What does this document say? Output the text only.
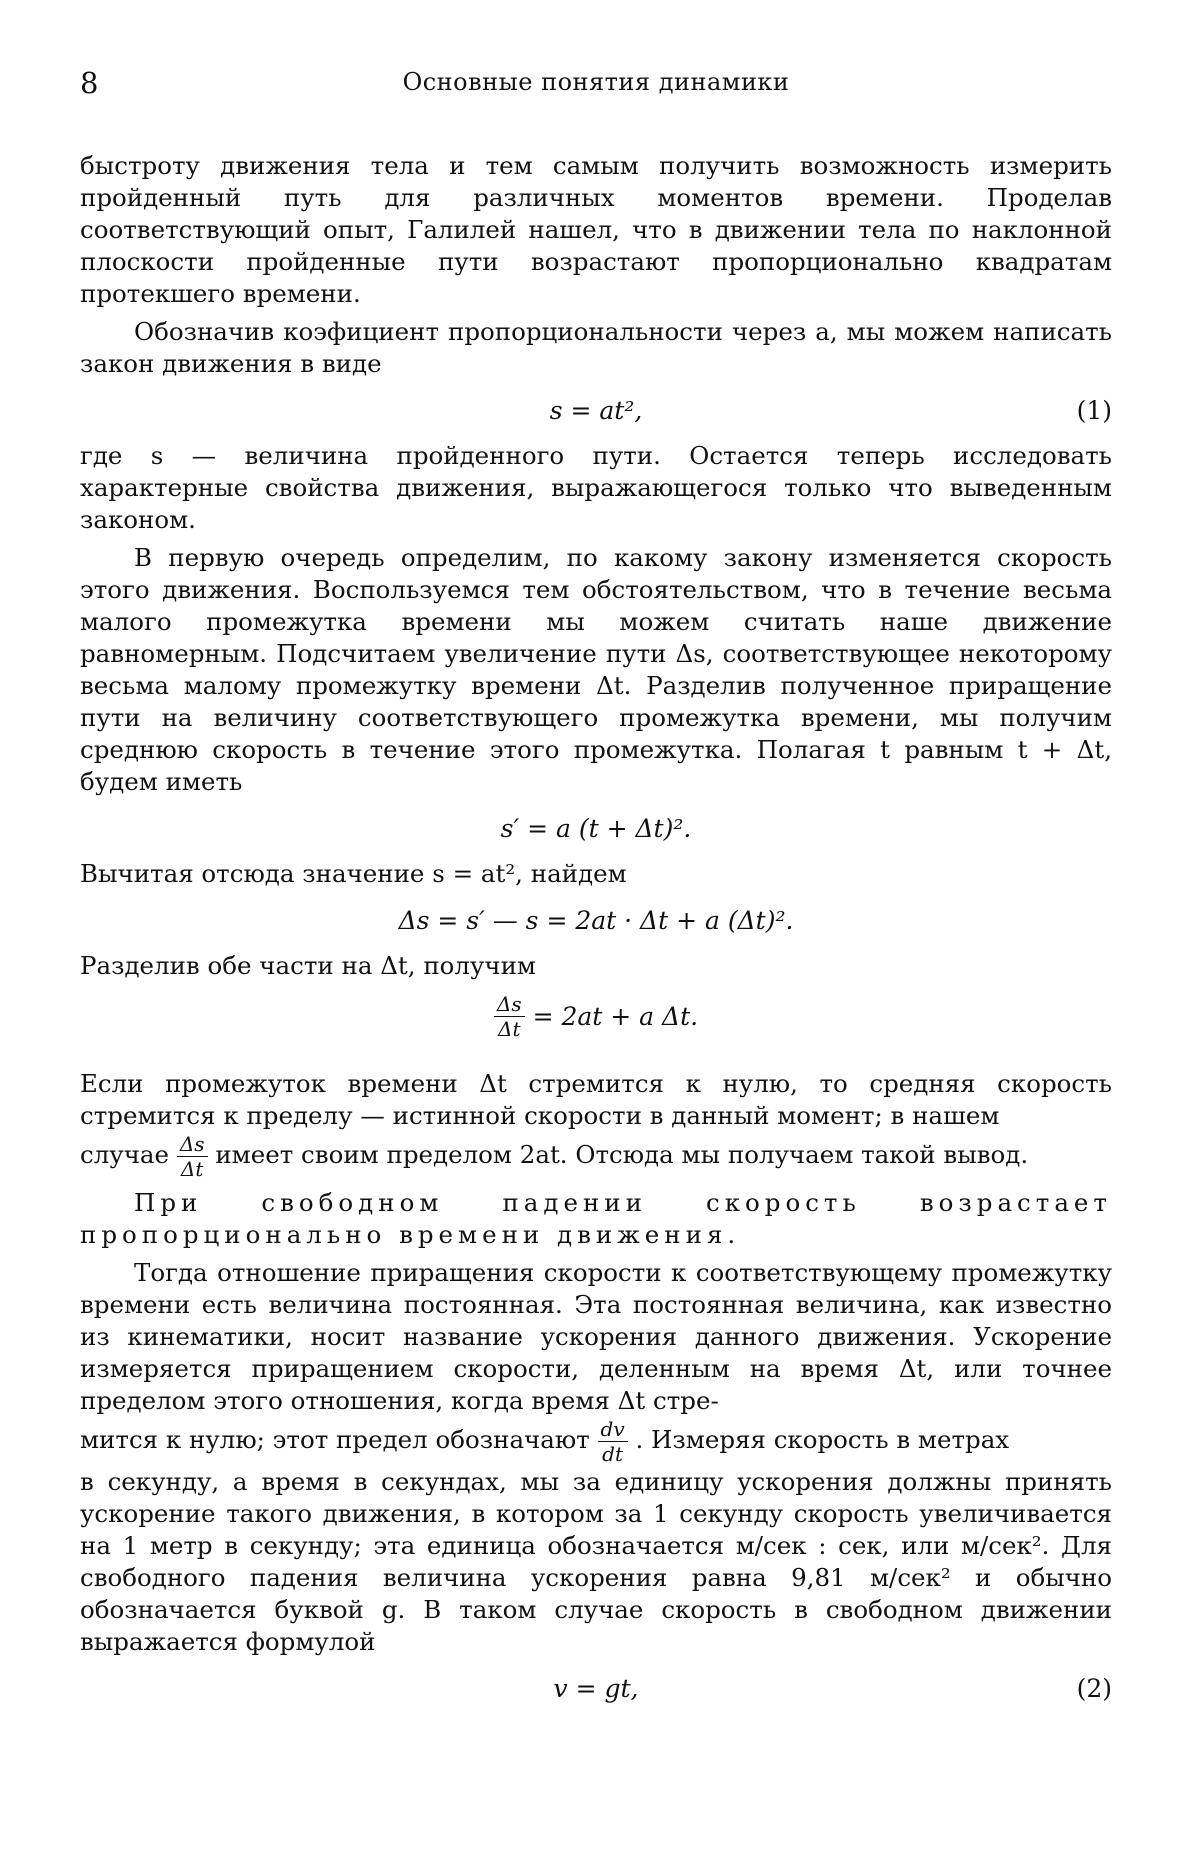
8	Основные понятия динамики

быстроту движения тела и тем самым получить возможность измерить пройденный путь для различных моментов времени. Проделав соответствующий опыт, Галилей нашел, что в движении тела по наклонной плоскости пройденные пути возрастают пропорционально квадратам протекшего времени.

Обозначив коэфициент пропорциональности через a, мы можем написать закон движения в виде

s = at²,	(1)

где s — величина пройденного пути. Остается теперь исследовать характерные свойства движения, выражающегося только что выведенным законом.

В первую очередь определим, по какому закону изменяется скорость этого движения. Воспользуемся тем обстоятельством, что в течение весьма малого промежутка времени мы можем считать наше движение равномерным. Подсчитаем увеличение пути Δs, соответствующее некоторому весьма малому промежутку времени Δt. Разделив полученное приращение пути на величину соответствующего промежутка времени, мы получим среднюю скорость в течение этого промежутка. Полагая t равным t + Δt, будем иметь

s′ = a (t + Δt)².

Вычитая отсюда значение s = at², найдем

Δs = s′ — s = 2at · Δt + a (Δt)².

Разделив обе части на Δt, получим

$\frac{\Delta s}{\Delta t} = 2at + a$ Δt.

Если промежуток времени Δt стремится к нулю, то средняя скорость стремится к пределу — истинной скорости в данный момент; в нашем

случае $\frac{\Delta s}{\Delta t}$ имеет своим пределом 2at. Отсюда мы получаем такой вывод.

При свободном падении скорость возрастает пропорционально времени движения.

Тогда отношение приращения скорости к соответствующему промежутку времени есть величина постоянная. Эта постоянная величина, как известно из кинематики, носит название ускорения данного движения. Ускорение измеряется приращением скорости, деленным на время Δt, или точнее пределом этого отношения, когда время Δt стре-

мится к нулю; этот предел обозначают $\frac{dv}{dt}$ . Измеряя скорость в метрах

в секунду, а время в секундах, мы за единицу ускорения должны принять ускорение такого движения, в котором за 1 секунду скорость увеличивается на 1 метр в секунду; эта единица обозначается м/сек : сек, или м/сек². Для свободного падения величина ускорения равна 9,81 м/сек² и обычно обозначается буквой g. В таком случае скорость в свободном движении выражается формулой

v = gt,	(2)
